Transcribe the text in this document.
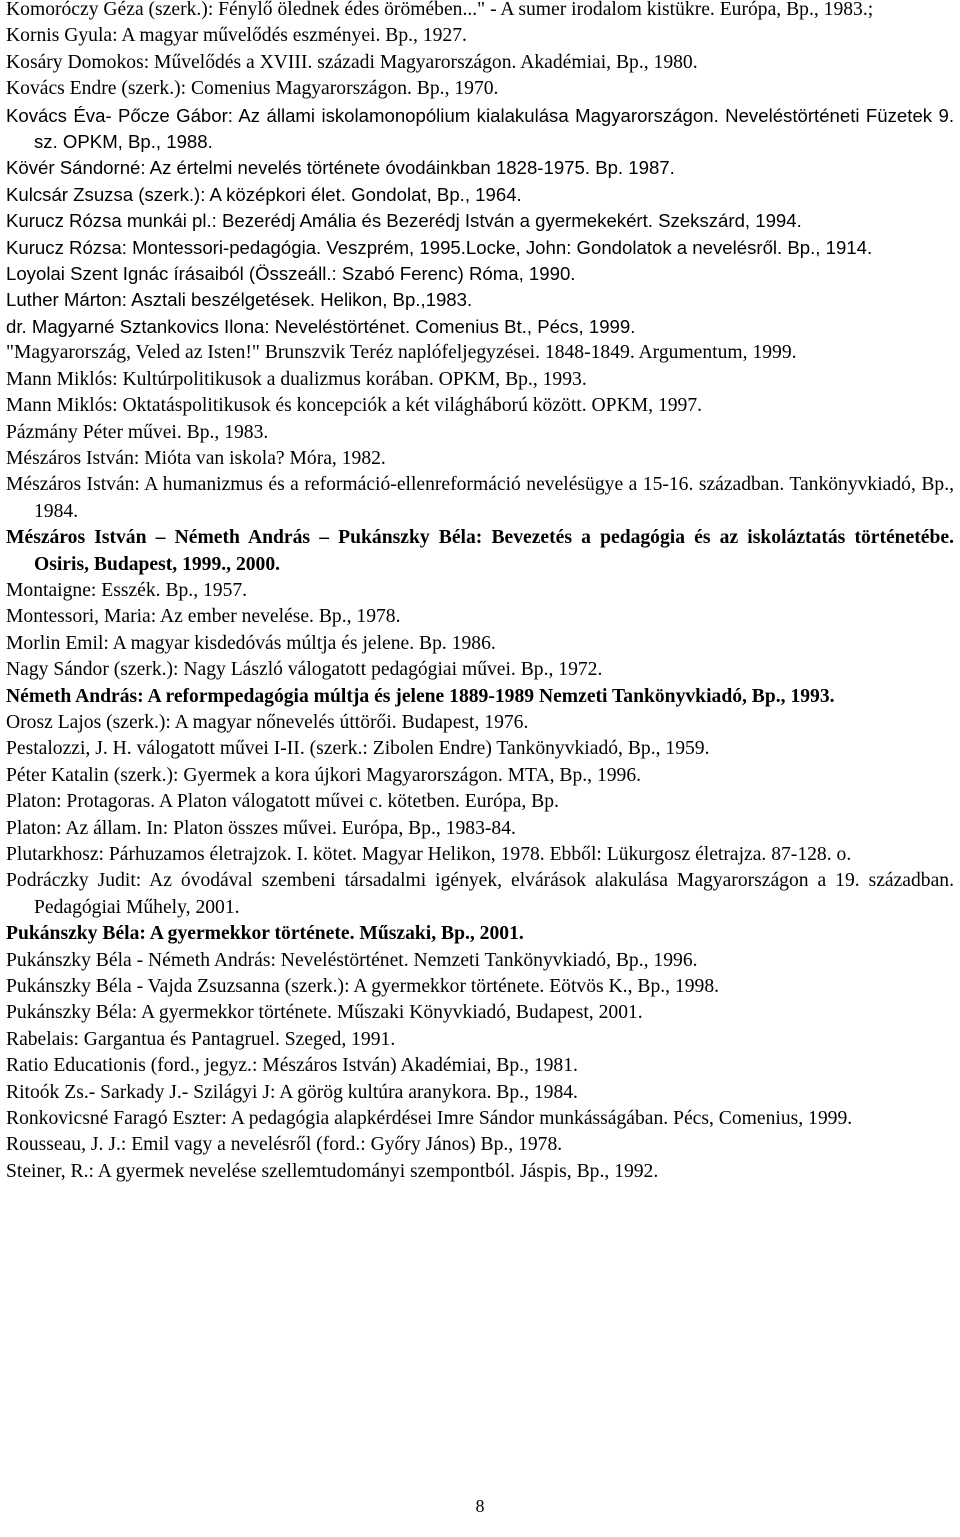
Komoróczy Géza (szerk.): Fénylő ölednek édes örömében..." - A sumer irodalom kistükre. Európa, Bp., 1983.;
Kornis Gyula: A magyar művelődés eszményei. Bp., 1927.
Kosáry Domokos: Művelődés a XVIII. századi Magyarországon. Akadémiai, Bp., 1980.
Kovács Endre (szerk.): Comenius Magyarországon. Bp., 1970.
Kovács Éva- Pőcze Gábor: Az állami iskolamonopólium kialakulása Magyarországon. Neveléstörténeti Füzetek 9. sz. OPKM, Bp., 1988.
Kövér Sándorné: Az értelmi nevelés története óvodáinkban 1828-1975. Bp. 1987.
Kulcsár Zsuzsa (szerk.): A középkori élet. Gondolat, Bp., 1964.
Kurucz Rózsa munkái pl.: Bezerédj Amália és Bezerédj István a gyermekekért. Szekszárd, 1994.
Kurucz Rózsa: Montessori-pedagógia. Veszprém, 1995.Locke, John: Gondolatok a nevelésről. Bp., 1914.
Loyolai Szent Ignác írásaiból (Összeáll.: Szabó Ferenc) Róma, 1990.
Luther Márton: Asztali beszélgetések. Helikon, Bp.,1983.
dr. Magyarné Sztankovics Ilona: Neveléstörténet. Comenius Bt., Pécs, 1999.
"Magyarország, Veled az Isten!" Brunszvik Teréz naplófeljegyzései. 1848-1849. Argumentum, 1999.
Mann Miklós: Kultúrpolitikusok a dualizmus korában. OPKM, Bp., 1993.
Mann Miklós: Oktatáspolitikusok és koncepciók a két világháború között. OPKM, 1997.
Pázmány Péter művei. Bp., 1983.
Mészáros István: Mióta van iskola? Móra, 1982.
Mészáros István: A humanizmus és a reformáció-ellenreformáció nevelésügye a 15-16. században. Tankönyvkiadó, Bp., 1984.
Mészáros István – Németh András – Pukánszky Béla: Bevezetés a pedagógia és az iskoláztatás történetébe. Osiris, Budapest, 1999., 2000.
Montaigne: Esszék. Bp., 1957.
Montessori, Maria: Az ember nevelése. Bp., 1978.
Morlin Emil: A magyar kisdedóvás múltja és jelene. Bp. 1986.
Nagy Sándor (szerk.): Nagy László válogatott pedagógiai művei. Bp., 1972.
Németh András: A reformpedagógia múltja és jelene 1889-1989 Nemzeti Tankönyvkiadó, Bp., 1993.
Orosz Lajos (szerk.): A magyar nőnevelés úttörői. Budapest, 1976.
Pestalozzi, J. H. válogatott művei I-II. (szerk.: Zibolen Endre) Tankönyvkiadó, Bp., 1959.
Péter Katalin (szerk.): Gyermek a kora újkori Magyarországon. MTA, Bp., 1996.
Platon: Protagoras. A Platon válogatott művei c. kötetben. Európa, Bp.
Platon: Az állam. In: Platon összes művei. Európa, Bp., 1983-84.
Plutarkhosz: Párhuzamos életrajzok. I. kötet. Magyar Helikon, 1978. Ebből: Lükurgosz életrajza. 87-128. o.
Podráczky Judit: Az óvodával szembeni társadalmi igények, elvárások alakulása Magyarországon a 19. században. Pedagógiai Műhely, 2001.
Pukánszky Béla: A gyermekkor története. Műszaki, Bp., 2001.
Pukánszky Béla - Németh András: Neveléstörténet. Nemzeti Tankönyvkiadó, Bp., 1996.
Pukánszky Béla - Vajda Zsuzsanna (szerk.): A gyermekkor története. Eötvös K., Bp., 1998.
Pukánszky Béla: A gyermekkor története. Műszaki Könyvkiadó, Budapest, 2001.
Rabelais: Gargantua és Pantagruel. Szeged, 1991.
Ratio Educationis (ford., jegyz.: Mészáros István) Akadémiai, Bp., 1981.
Ritoók Zs.- Sarkady J.- Szilágyi J: A görög kultúra aranykora. Bp., 1984.
Ronkovicsné Faragó Eszter: A pedagógia alapkérdései Imre Sándor munkásságában. Pécs, Comenius, 1999.
Rousseau, J. J.: Emil vagy a nevelésről (ford.: Győry János) Bp., 1978.
Steiner, R.: A gyermek nevelése szellemtudományi szempontból. Jáspis, Bp., 1992.
8
